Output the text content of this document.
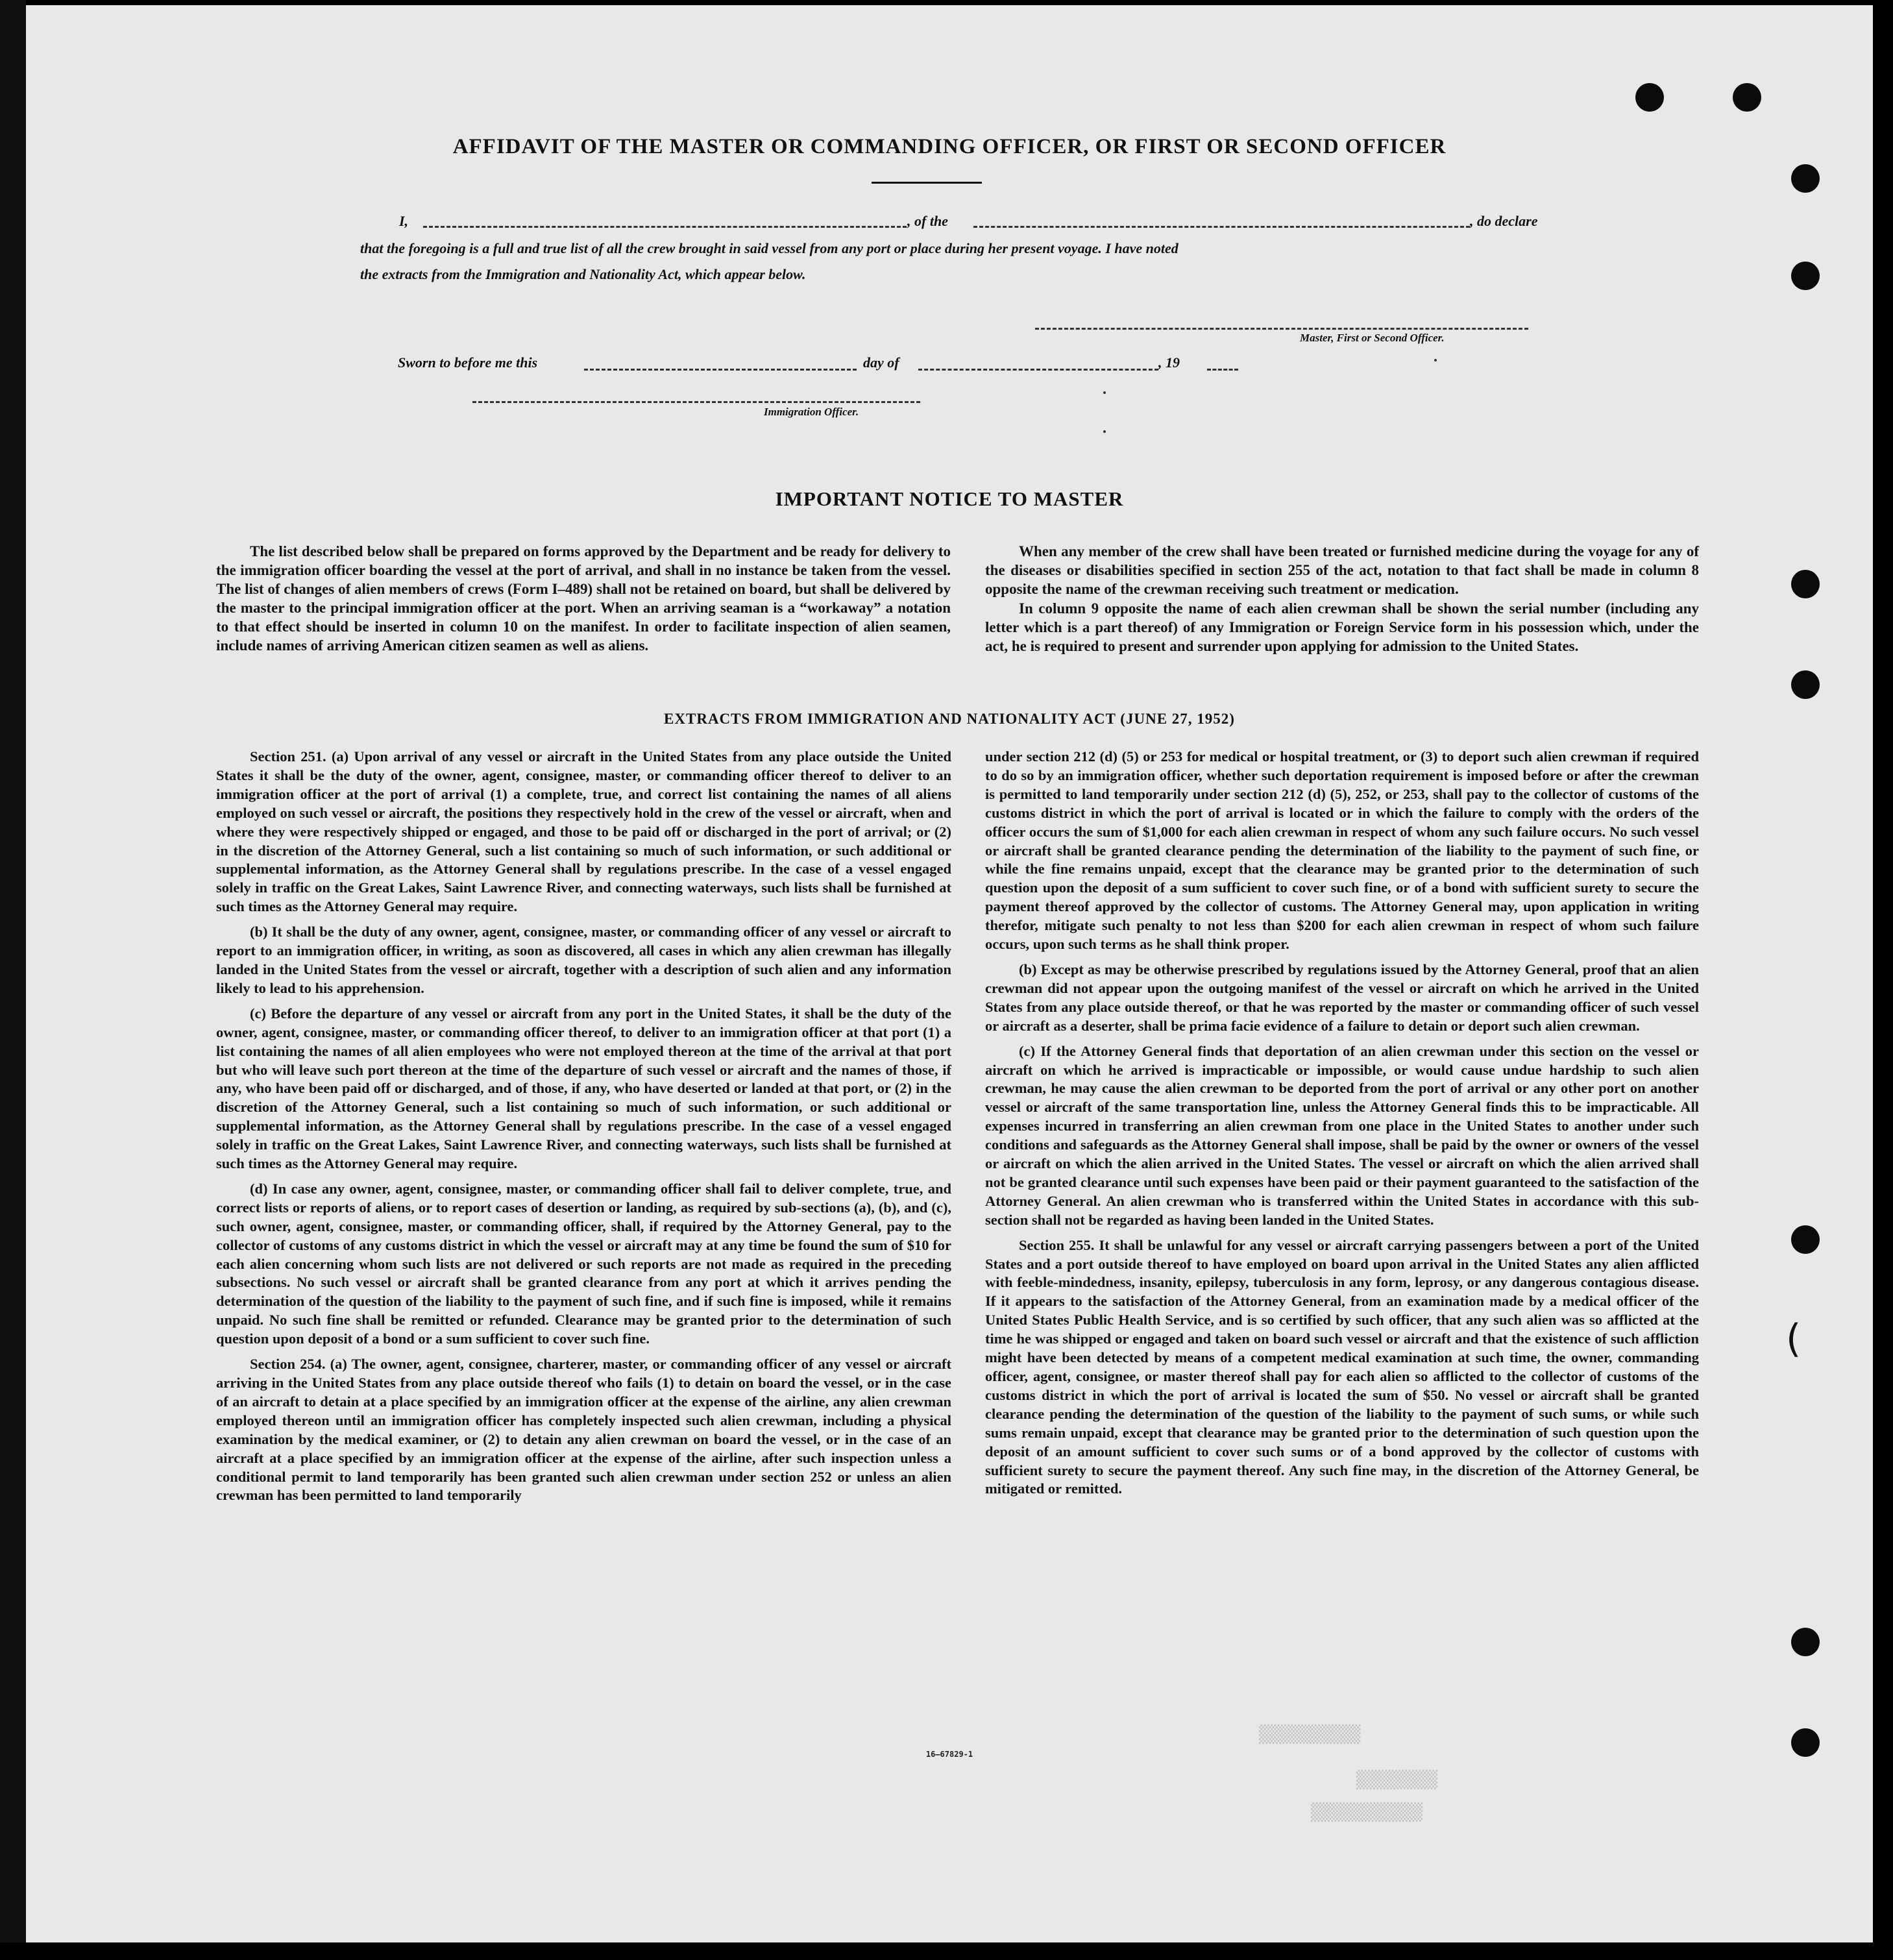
▒▒▒▒▒▒▒▒▒▒
▒▒▒▒▒▒▒▒
▒▒▒▒▒▒▒▒▒▒▒
(
AFFIDAVIT OF THE MASTER OR COMMANDING OFFICER, OR FIRST OR SECOND OFFICER
I,	, of the	, do declare
that the foregoing is a full and true list of all the crew brought in said vessel from any port or place during her present voyage. I have noted
the extracts from the Immigration and Nationality Act, which appear below.
Master, First or Second Officer.
Sworn to before me this	day of	, 19
Immigration Officer.
IMPORTANT NOTICE TO MASTER

The list described below shall be prepared on forms approved by the Department and be ready for delivery to the immigration officer boarding the vessel at the port of arrival, and shall in no instance be taken from the vessel. The list of changes of alien members of crews (Form I–489) shall not be retained on board, but shall be delivered by the master to the principal immigration officer at the port. When an arriving seaman is a “workaway” a notation to that effect should be inserted in column 10 on the manifest. In order to facilitate inspection of alien seamen, include names of arriving American citizen seamen as well as aliens.

When any member of the crew shall have been treated or furnished medicine during the voyage for any of the diseases or disabilities specified in section 255 of the act, notation to that fact shall be made in column 8 opposite the name of the crewman receiving such treatment or medication.

In column 9 opposite the name of each alien crewman shall be shown the serial number (including any letter which is a part thereof) of any Immigration or Foreign Service form in his possession which, under the act, he is required to present and surrender upon applying for admission to the United States.

EXTRACTS FROM IMMIGRATION AND NATIONALITY ACT (JUNE 27, 1952)

Section 251. (a) Upon arrival of any vessel or aircraft in the United States from any place outside the United States it shall be the duty of the owner, agent, consignee, master, or commanding officer thereof to deliver to an immigration officer at the port of arrival (1) a complete, true, and correct list containing the names of all aliens employed on such vessel or aircraft, the positions they respectively hold in the crew of the vessel or aircraft, when and where they were respectively shipped or engaged, and those to be paid off or discharged in the port of arrival; or (2) in the discretion of the Attorney General, such a list containing so much of such information, or such additional or supplemental information, as the Attorney General shall by regulations prescribe. In the case of a vessel engaged solely in traffic on the Great Lakes, Saint Lawrence River, and connecting waterways, such lists shall be furnished at such times as the Attorney General may require.

(b) It shall be the duty of any owner, agent, consignee, master, or commanding officer of any vessel or aircraft to report to an immigration officer, in writing, as soon as discovered, all cases in which any alien crewman has illegally landed in the United States from the vessel or aircraft, together with a description of such alien and any information likely to lead to his apprehension.

(c) Before the departure of any vessel or aircraft from any port in the United States, it shall be the duty of the owner, agent, consignee, master, or commanding officer thereof, to deliver to an immigration officer at that port (1) a list containing the names of all alien employees who were not employed thereon at the time of the arrival at that port but who will leave such port thereon at the time of the departure of such vessel or aircraft and the names of those, if any, who have been paid off or discharged, and of those, if any, who have deserted or landed at that port, or (2) in the discretion of the Attorney General, such a list containing so much of such information, or such additional or supplemental information, as the Attorney General shall by regulations prescribe. In the case of a vessel engaged solely in traffic on the Great Lakes, Saint Lawrence River, and connecting waterways, such lists shall be furnished at such times as the Attorney General may require.

(d) In case any owner, agent, consignee, master, or commanding officer shall fail to deliver complete, true, and correct lists or reports of aliens, or to report cases of desertion or landing, as required by sub-sections (a), (b), and (c), such owner, agent, consignee, master, or commanding officer, shall, if required by the Attorney General, pay to the collector of customs of any customs district in which the vessel or aircraft may at any time be found the sum of $10 for each alien concerning whom such lists are not delivered or such reports are not made as required in the preceding subsections. No such vessel or aircraft shall be granted clearance from any port at which it arrives pending the determination of the question of the liability to the payment of such fine, and if such fine is imposed, while it remains unpaid. No such fine shall be remitted or refunded. Clearance may be granted prior to the determination of such question upon deposit of a bond or a sum sufficient to cover such fine.

Section 254. (a) The owner, agent, consignee, charterer, master, or commanding officer of any vessel or aircraft arriving in the United States from any place outside thereof who fails (1) to detain on board the vessel, or in the case of an aircraft to detain at a place specified by an immigration officer at the expense of the airline, any alien crewman employed thereon until an immigration officer has completely inspected such alien crewman, including a physical examination by the medical examiner, or (2) to detain any alien crewman on board the vessel, or in the case of an aircraft at a place specified by an immigration officer at the expense of the airline, after such inspection unless a conditional permit to land temporarily has been granted such alien crewman under section 252 or unless an alien crewman has been permitted to land temporarily

under section 212 (d) (5) or 253 for medical or hospital treatment, or (3) to deport such alien crewman if required to do so by an immigration officer, whether such deportation requirement is imposed before or after the crewman is permitted to land temporarily under section 212 (d) (5), 252, or 253, shall pay to the collector of customs of the customs district in which the port of arrival is located or in which the failure to comply with the orders of the officer occurs the sum of $1,000 for each alien crewman in respect of whom any such failure occurs. No such vessel or aircraft shall be granted clearance pending the determination of the liability to the payment of such fine, or while the fine remains unpaid, except that the clearance may be granted prior to the determination of such question upon the deposit of a sum sufficient to cover such fine, or of a bond with sufficient surety to secure the payment thereof approved by the collector of customs. The Attorney General may, upon application in writing therefor, mitigate such penalty to not less than $200 for each alien crewman in respect of whom such failure occurs, upon such terms as he shall think proper.

(b) Except as may be otherwise prescribed by regulations issued by the Attorney General, proof that an alien crewman did not appear upon the outgoing manifest of the vessel or aircraft on which he arrived in the United States from any place outside thereof, or that he was reported by the master or commanding officer of such vessel or aircraft as a deserter, shall be prima facie evidence of a failure to detain or deport such alien crewman.

(c) If the Attorney General finds that deportation of an alien crewman under this section on the vessel or aircraft on which he arrived is impracticable or impossible, or would cause undue hardship to such alien crewman, he may cause the alien crewman to be deported from the port of arrival or any other port on another vessel or aircraft of the same transportation line, unless the Attorney General finds this to be impracticable. All expenses incurred in transferring an alien crewman from one place in the United States to another under such conditions and safeguards as the Attorney General shall impose, shall be paid by the owner or owners of the vessel or aircraft on which the alien arrived in the United States. The vessel or aircraft on which the alien arrived shall not be granted clearance until such expenses have been paid or their payment guaranteed to the satisfaction of the Attorney General. An alien crewman who is transferred within the United States in accordance with this sub-section shall not be regarded as having been landed in the United States.

Section 255. It shall be unlawful for any vessel or aircraft carrying passengers between a port of the United States and a port outside thereof to have employed on board upon arrival in the United States any alien afflicted with feeble-mindedness, insanity, epilepsy, tuberculosis in any form, leprosy, or any dangerous contagious disease. If it appears to the satisfaction of the Attorney General, from an examination made by a medical officer of the United States Public Health Service, and is so certified by such officer, that any such alien was so afflicted at the time he was shipped or engaged and taken on board such vessel or aircraft and that the existence of such affliction might have been detected by means of a competent medical examination at such time, the owner, commanding officer, agent, consignee, or master thereof shall pay for each alien so afflicted to the collector of customs of the customs district in which the port of arrival is located the sum of $50. No vessel or aircraft shall be granted clearance pending the determination of the question of the liability to the payment of such sums, or while such sums remain unpaid, except that clearance may be granted prior to the determination of such question upon the deposit of an amount sufficient to cover such sums or of a bond approved by the collector of customs with sufficient surety to secure the payment thereof. Any such fine may, in the discretion of the Attorney General, be mitigated or remitted.

16—67829-1
